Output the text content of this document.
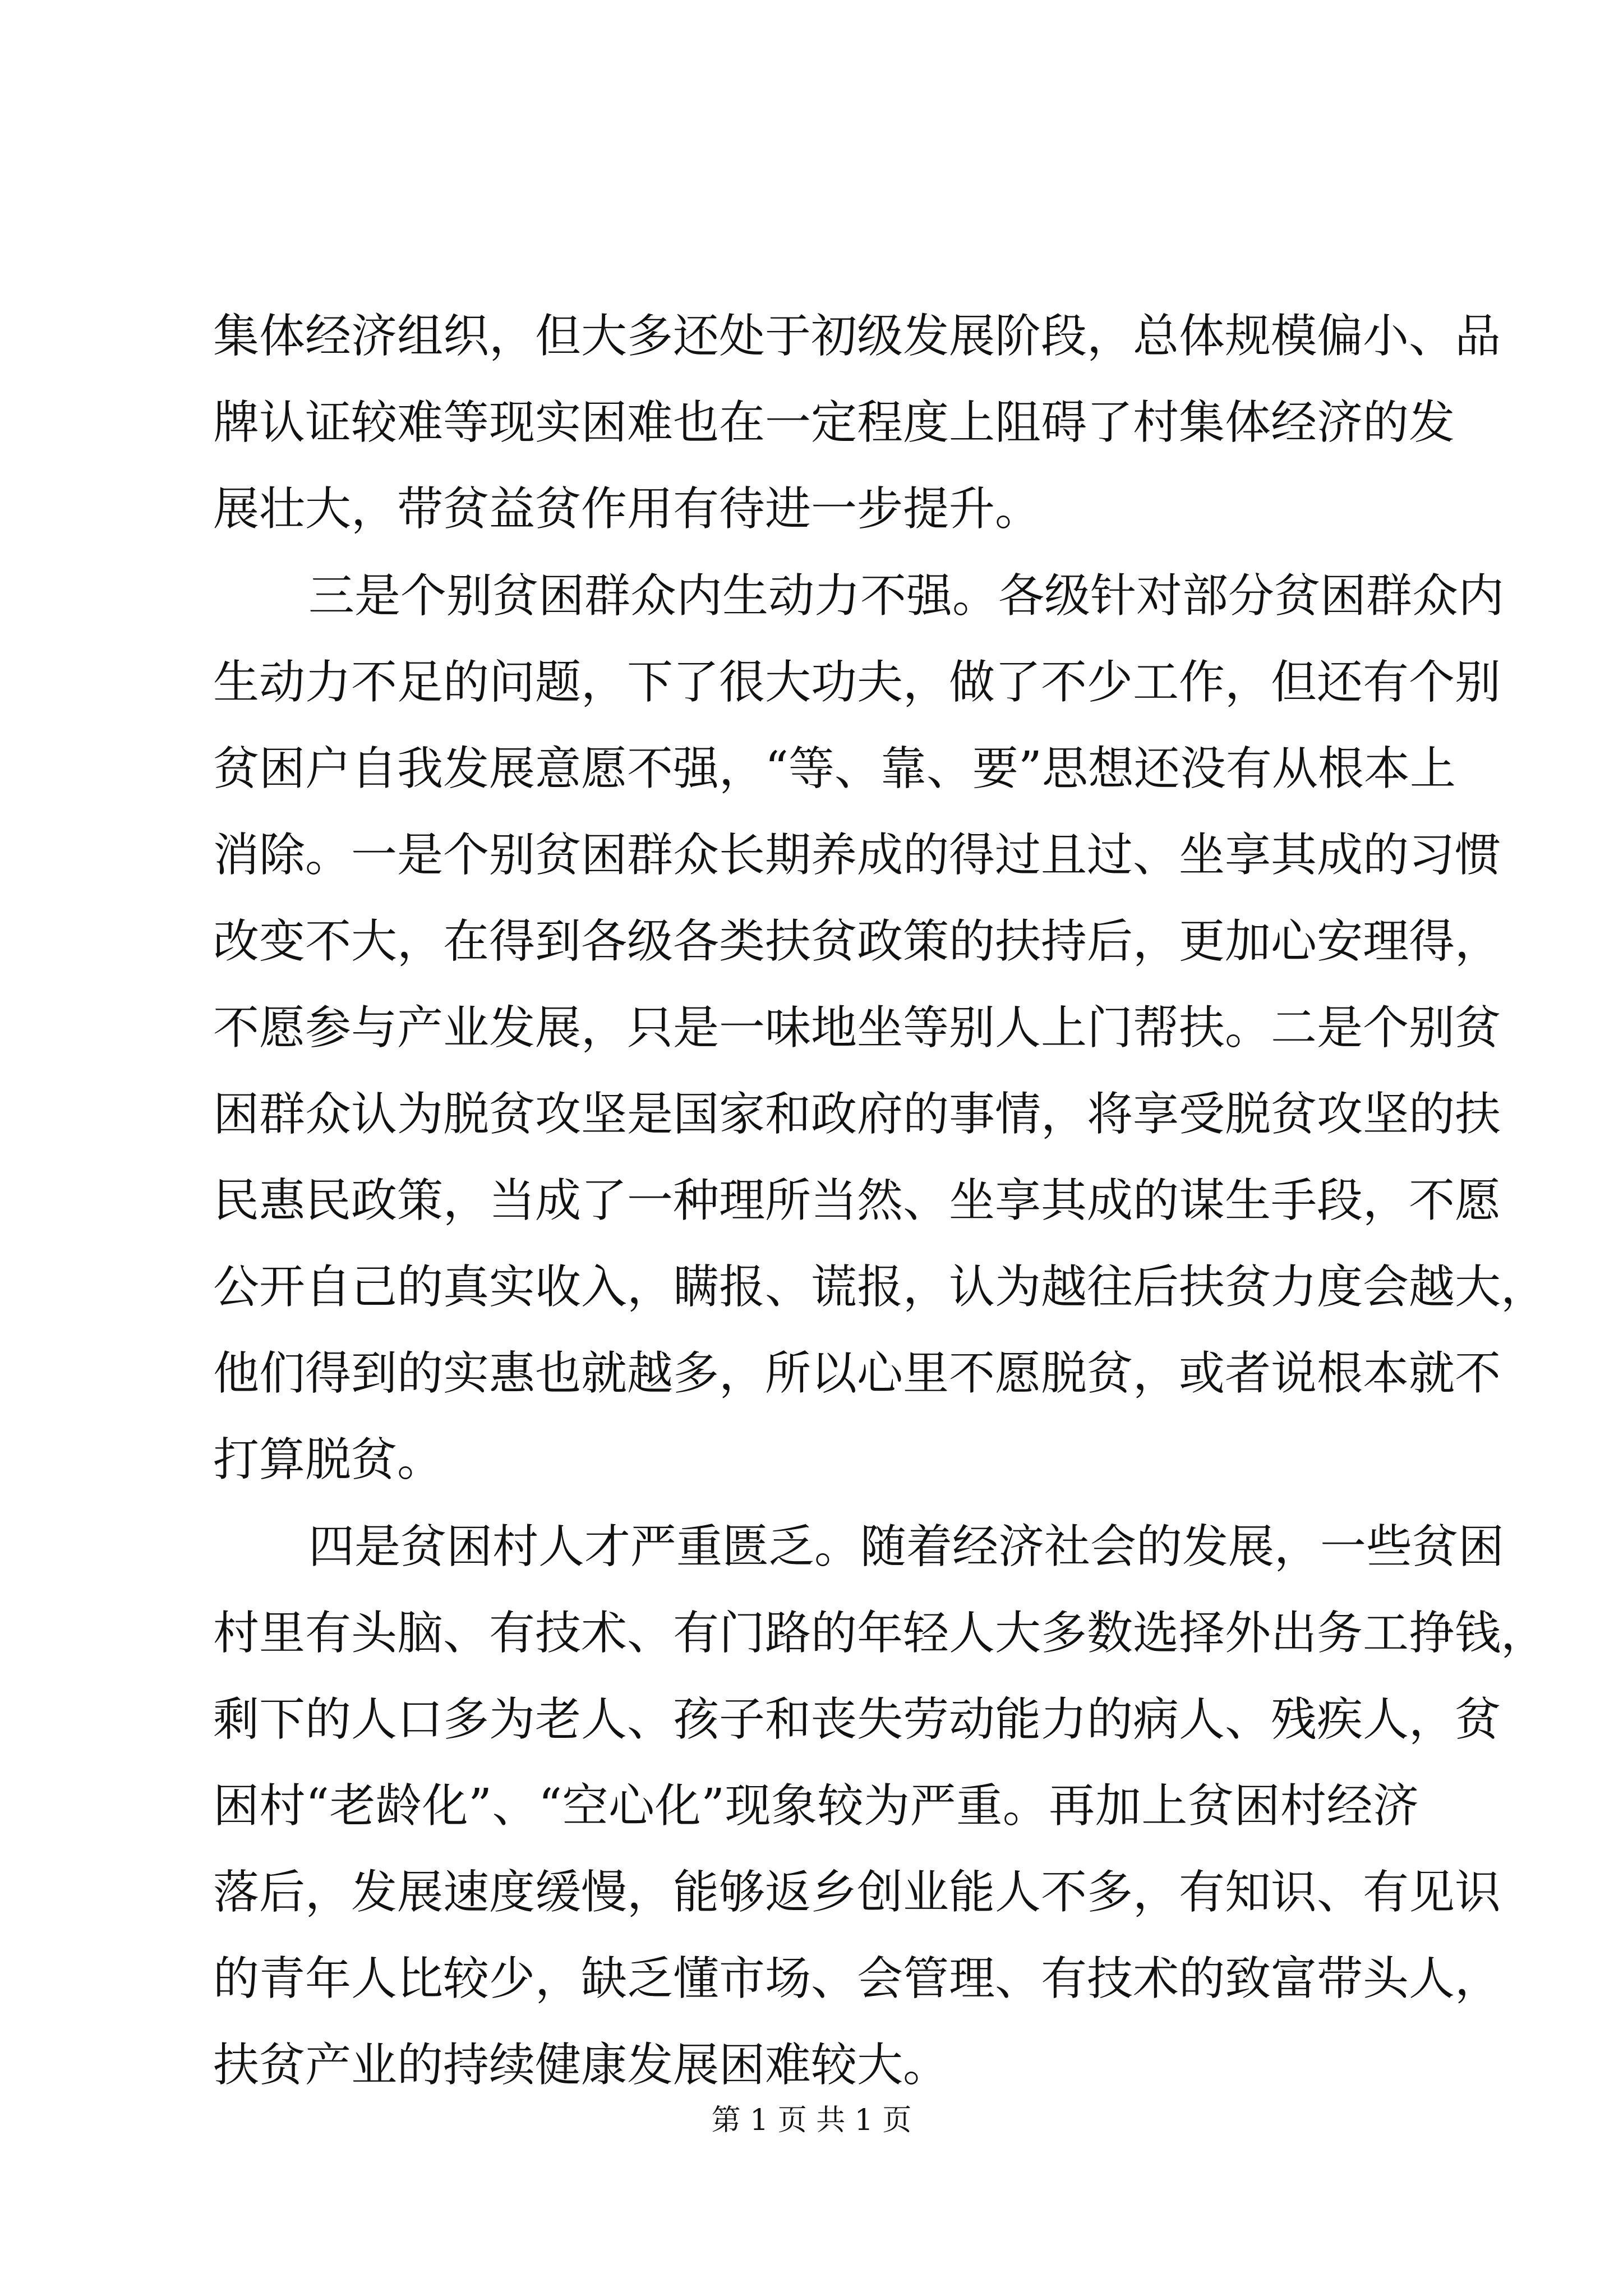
集体经济组织，但大多还处于初级发展阶段，总体规模偏小、品
牌认证较难等现实困难也在一定程度上阻碍了村集体经济的发
展壮大，带贫益贫作用有待进一步提升。
三是个别贫困群众内生动力不强。各级针对部分贫困群众内
生动力不足的问题，下了很大功夫，做了不少工作，但还有个别
贫困户自我发展意愿不强，“等、靠、要”思想还没有从根本上
消除。一是个别贫困群众长期养成的得过且过、坐享其成的习惯
改变不大，在得到各级各类扶贫政策的扶持后，更加心安理得，
不愿参与产业发展，只是一味地坐等别人上门帮扶。二是个别贫
困群众认为脱贫攻坚是国家和政府的事情，将享受脱贫攻坚的扶
民惠民政策，当成了一种理所当然、坐享其成的谋生手段，不愿
公开自己的真实收入，瞒报、谎报，认为越往后扶贫力度会越大，
他们得到的实惠也就越多，所以心里不愿脱贫，或者说根本就不
打算脱贫。
四是贫困村人才严重匮乏。随着经济社会的发展，一些贫困
村里有头脑、有技术、有门路的年轻人大多数选择外出务工挣钱，
剩下的人口多为老人、孩子和丧失劳动能力的病人、残疾人，贫
困村“老龄化”、“空心化”现象较为严重。再加上贫困村经济
落后，发展速度缓慢，能够返乡创业能人不多，有知识、有见识
的青年人比较少，缺乏懂市场、会管理、有技术的致富带头人，
扶贫产业的持续健康发展困难较大。
第 1 页 共 1 页
